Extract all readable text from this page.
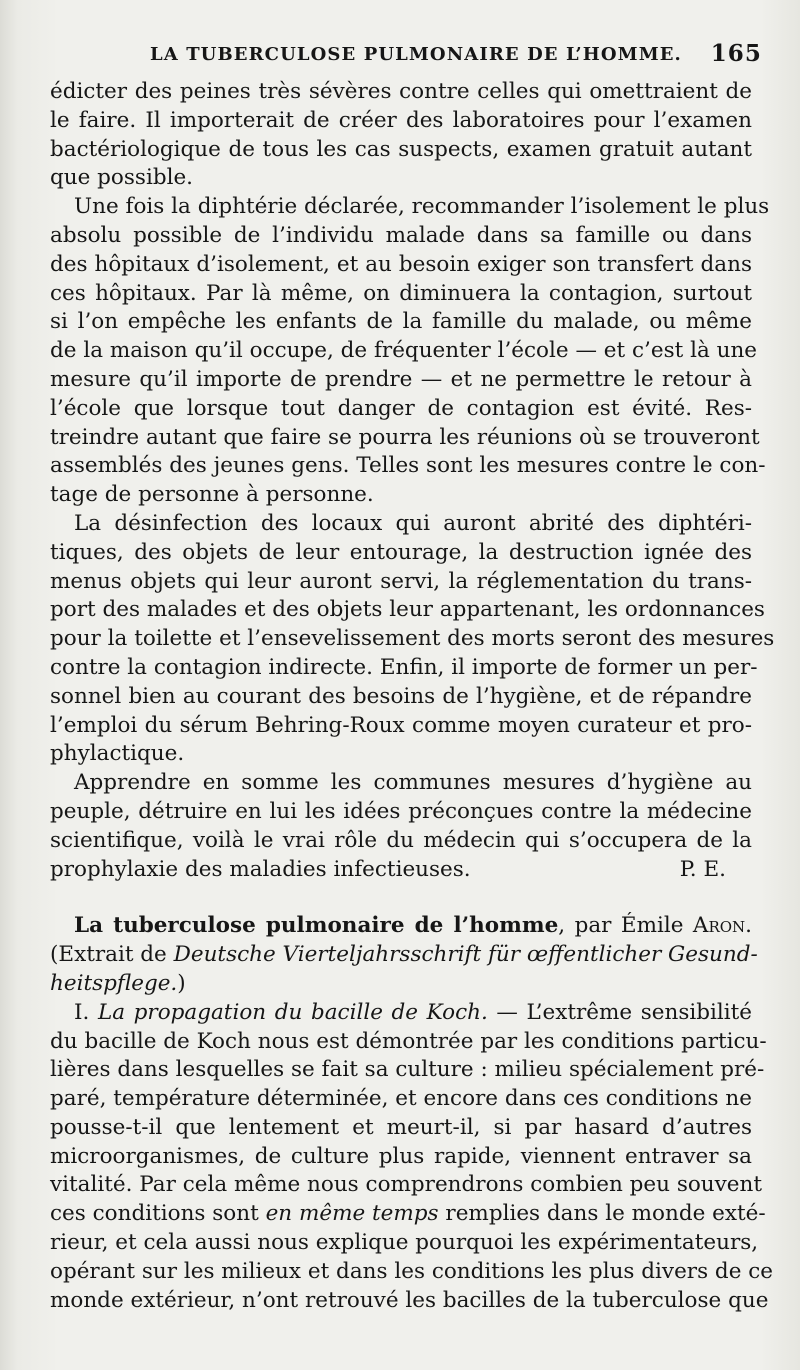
LA TUBERCULOSE PULMONAIRE DE L’HOMME. 165
édicter des peines très sévères contre celles qui omettraient de
le faire. Il importerait de créer des laboratoires pour l’examen
bactériologique de tous les cas suspects, examen gratuit autant
que possible.
Une fois la diphtérie déclarée, recommander l’isolement le plus
absolu possible de l’individu malade dans sa famille ou dans
des hôpitaux d’isolement, et au besoin exiger son transfert dans
ces hôpitaux. Par là même, on diminuera la contagion, surtout
si l’on empêche les enfants de la famille du malade, ou même
de la maison qu’il occupe, de fréquenter l’école — et c’est là une
mesure qu’il importe de prendre — et ne permettre le retour à
l’école que lorsque tout danger de contagion est évité. Res-
treindre autant que faire se pourra les réunions où se trouveront
assemblés des jeunes gens. Telles sont les mesures contre le con-
tage de personne à personne.
La désinfection des locaux qui auront abrité des diphtéri-
tiques, des objets de leur entourage, la destruction ignée des
menus objets qui leur auront servi, la réglementation du trans-
port des malades et des objets leur appartenant, les ordonnances
pour la toilette et l’ensevelissement des morts seront des mesures
contre la contagion indirecte. Enfin, il importe de former un per-
sonnel bien au courant des besoins de l’hygiène, et de répandre
l’emploi du sérum Behring-Roux comme moyen curateur et pro-
phylactique.
Apprendre en somme les communes mesures d’hygiène au
peuple, détruire en lui les idées préconçues contre la médecine
scientifique, voilà le vrai rôle du médecin qui s’occupera de la
prophylaxie des maladies infectieuses.	P. E.
La tuberculose pulmonaire de l’homme, par Émile Aron.
(Extrait de Deutsche Vierteljahrsschrift für œffentlicher Gesund-
heitspflege.)
I. La propagation du bacille de Koch. — L’extrême sensibilité
du bacille de Koch nous est démontrée par les conditions particu-
lières dans lesquelles se fait sa culture : milieu spécialement pré-
paré, température déterminée, et encore dans ces conditions ne
pousse-t-il que lentement et meurt-il, si par hasard d’autres
microorganismes, de culture plus rapide, viennent entraver sa
vitalité. Par cela même nous comprendrons combien peu souvent
ces conditions sont en même temps remplies dans le monde exté-
rieur, et cela aussi nous explique pourquoi les expérimentateurs,
opérant sur les milieux et dans les conditions les plus divers de ce
monde extérieur, n’ont retrouvé les bacilles de la tuberculose que
